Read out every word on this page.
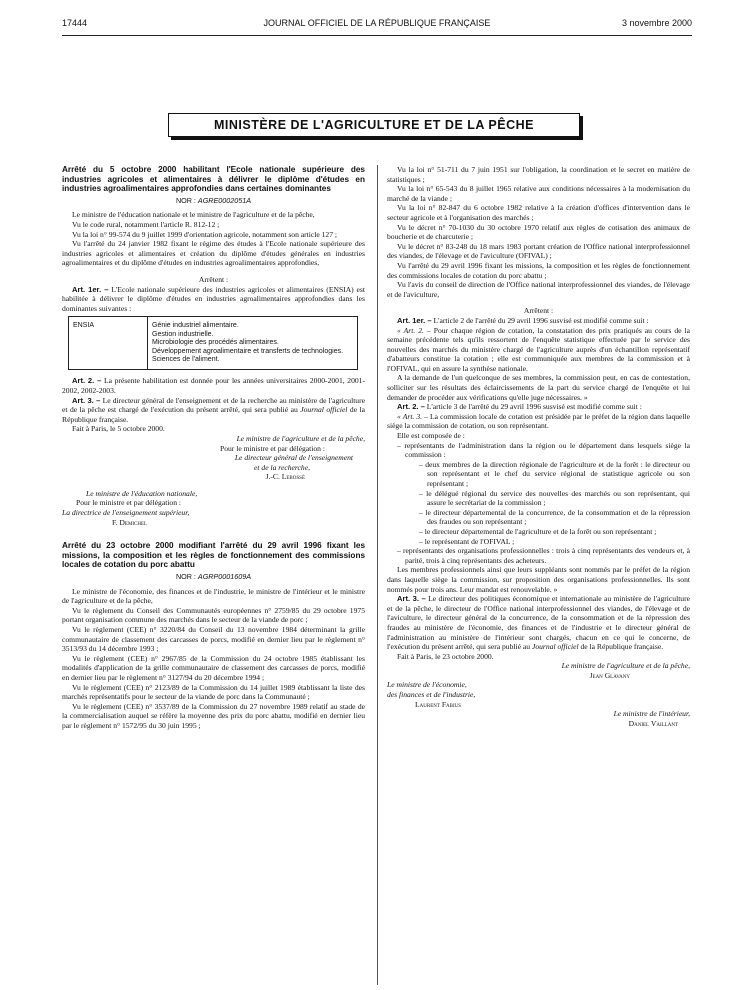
17444	JOURNAL OFFICIEL DE LA RÉPUBLIQUE FRANÇAISE	3 novembre 2000
MINISTÈRE DE L'AGRICULTURE ET DE LA PÊCHE

Arrêté du 5 octobre 2000 habilitant l'Ecole nationale supérieure des industries agricoles et alimentaires à délivrer le diplôme d'études en industries agroalimentaires approfondies dans certaines dominantes

NOR : AGRE0002051A

Le ministre de l'éducation nationale et le ministre de l'agriculture et de la pêche,

Vu le code rural, notamment l'article R. 812-12 ;

Vu la loi n° 99-574 du 9 juillet 1999 d'orientation agricole, notamment son article 127 ;

Vu l'arrêté du 24 janvier 1982 fixant le régime des études à l'Ecole nationale supérieure des industries agricoles et alimentaires et création du diplôme d'études générales en industries agroalimentaires et du diplôme d'études en industries agroalimentaires approfondies,

Arrêtent :

Art. 1er. – L'Ecole nationale supérieure des industries agricoles et alimentaires (ENSIA) est habilitée à délivrer le diplôme d'études en industries agroalimentaires approfondies dans les dominantes suivantes :

ENSIA	Génie industriel alimentaire.
Gestion industrielle.
Microbiologie des procédés alimentaires.
Développement agroalimentaire et transferts de technologies.
Sciences de l'aliment.

Art. 2. – La présente habilitation est donnée pour les années universitaires 2000-2001, 2001-2002, 2002-2003.

Art. 3. – Le directeur général de l'enseignement et de la recherche au ministère de l'agriculture et de la pêche est chargé de l'exécution du présent arrêté, qui sera publié au Journal officiel de la République française.

Fait à Paris, le 5 octobre 2000.

Le ministre de l'agriculture et de la pêche,

Pour le ministre et par délégation :

Le directeur général de l'enseignement

et de la recherche,

J.-C. Lebossé

Le ministre de l'éducation nationale,

Pour le ministre et par délégation :

La directrice de l'enseignement supérieur,

F. Demichel

Arrêté du 23 octobre 2000 modifiant l'arrêté du 29 avril 1996 fixant les missions, la composition et les règles de fonctionnement des commissions locales de cotation du porc abattu

NOR : AGRP0001609A

Le ministre de l'économie, des finances et de l'industrie, le ministre de l'intérieur et le ministre de l'agriculture et de la pêche,

Vu le règlement du Conseil des Communautés européennes n° 2759/85 du 29 octobre 1975 portant organisation commune des marchés dans le secteur de la viande de porc ;

Vu le règlement (CEE) n° 3220/84 du Conseil du 13 novembre 1984 déterminant la grille communautaire de classement des carcasses de porcs, modifié en dernier lieu par le règlement n° 3513/93 du 14 décembre 1993 ;

Vu le règlement (CEE) n° 2967/85 de la Commission du 24 octobre 1985 établissant les modalités d'application de la grille communautaire de classement des carcasses de porcs, modifié en dernier lieu par le règlement n° 3127/94 du 20 décembre 1994 ;

Vu le règlement (CEE) n° 2123/89 de la Commission du 14 juillet 1989 établissant la liste des marchés représentatifs pour le secteur de la viande de porc dans la Communauté ;

Vu le règlement (CEE) n° 3537/89 de la Commission du 27 novembre 1989 relatif au stade de la commercialisation auquel se réfère la moyenne des prix du porc abattu, modifié en dernier lieu par le règlement n° 1572/95 du 30 juin 1995 ;

Vu la loi n° 51-711 du 7 juin 1951 sur l'obligation, la coordination et le secret en matière de statistiques ;

Vu la loi n° 65-543 du 8 juillet 1965 relative aux conditions nécessaires à la modernisation du marché de la viande ;

Vu la loi n° 82-847 du 6 octobre 1982 relative à la création d'offices d'intervention dans le secteur agricole et à l'organisation des marchés ;

Vu le décret n° 70-1030 du 30 octobre 1970 relatif aux règles de cotisation des animaux de boucherie et de charcuterie ;

Vu le décret n° 83-248 du 18 mars 1983 portant création de l'Office national interprofessionnel des viandes, de l'élevage et de l'aviculture (OFIVAL) ;

Vu l'arrêté du 29 avril 1996 fixant les missions, la composition et les règles de fonctionnement des commissions locales de cotation du porc abattu ;

Vu l'avis du conseil de direction de l'Office national interprofessionnel des viandes, de l'élevage et de l'aviculture,

Arrêtent :

Art. 1er. – L'article 2 de l'arrêté du 29 avril 1996 susvisé est modifié comme suit :

« Art. 2. – Pour chaque région de cotation, la constatation des prix pratiqués au cours de la semaine précédente tels qu'ils ressortent de l'enquête statistique effectuée par le service des nouvelles des marchés du ministère chargé de l'agriculture auprès d'un échantillon représentatif d'abatteurs constitue la cotation ; elle est communiquée aux membres de la commission et à l'OFIVAL, qui en assure la synthèse nationale.

A la demande de l'un quelconque de ses membres, la commission peut, en cas de contestation, solliciter sur les résultats des éclaircissements de la part du service chargé de l'enquête et lui demander de procéder aux vérifications qu'elle juge nécessaires. »

Art. 2. – L'article 3 de l'arrêté du 29 avril 1996 susvisé est modifié comme suit :

« Art. 3. – La commission locale de cotation est présidée par le préfet de la région dans laquelle siège la commission de cotation, ou son représentant.

Elle est composée de :

– représentants de l'administration dans la région ou le département dans lesquels siège la commission :
– deux membres de la direction régionale de l'agriculture et de la forêt : le directeur ou son représentant et le chef du service régional de statistique agricole ou son représentant ;
– le délégué régional du service des nouvelles des marchés ou son représentant, qui assure le secrétariat de la commission ;
– le directeur départemental de la concurrence, de la consommation et de la répression des fraudes ou son représentant ;
– le directeur départemental de l'agriculture et de la forêt ou son représentant ;
– le représentant de l'OFIVAL ;
– représentants des organisations professionnelles : trois à cinq représentants des vendeurs et, à parité, trois à cinq représentants des acheteurs.

Les membres professionnels ainsi que leurs suppléants sont nommés par le préfet de la région dans laquelle siège la commission, sur proposition des organisations professionnelles. Ils sont nommés pour trois ans. Leur mandat est renouvelable. »

Art. 3. – Le directeur des politiques économique et internationale au ministère de l'agriculture et de la pêche, le directeur de l'Office national interprofessionnel des viandes, de l'élevage et de l'aviculture, le directeur général de la concurrence, de la consommation et de la répression des fraudes au ministère de l'économie, des finances et de l'industrie et le directeur général de l'administration au ministère de l'intérieur sont chargés, chacun en ce qui le concerne, de l'exécution du présent arrêté, qui sera publié au Journal officiel de la République française.

Fait à Paris, le 23 octobre 2000.

Le ministre de l'agriculture et de la pêche,

Jean Glavany

Le ministre de l'économie,

des finances et de l'industrie,

Laurent Fabius

Le ministre de l'intérieur,

Daniel Vaillant
